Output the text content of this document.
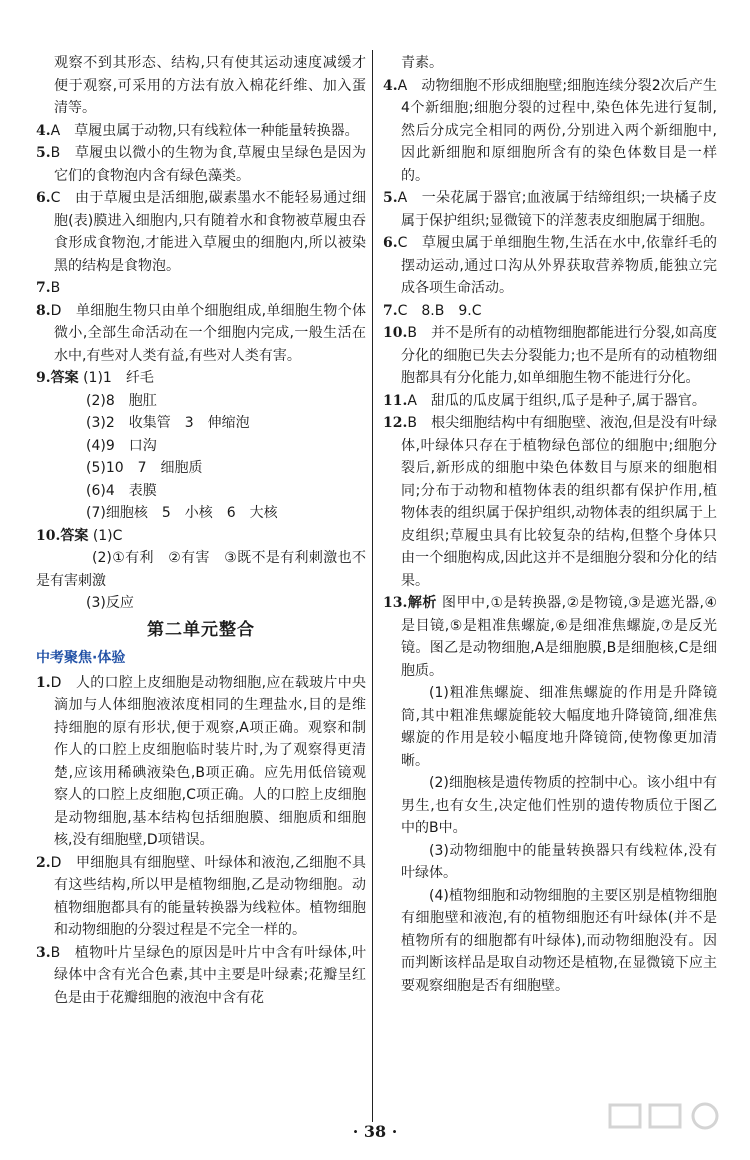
观察不到其形态、结构,只有使其运动速度减缓才便于观察,可采用的方法有放入棉花纤维、加入蛋清等。

4.A　草履虫属于动物,只有线粒体一种能量转换器。

5.B　草履虫以微小的生物为食,草履虫呈绿色是因为它们的食物泡内含有绿色藻类。

6.C　由于草履虫是活细胞,碳素墨水不能轻易通过细胞(表)膜进入细胞内,只有随着水和食物被草履虫吞食形成食物泡,才能进入草履虫的细胞内,所以被染黑的结构是食物泡。

7.B

8.D　单细胞生物只由单个细胞组成,单细胞生物个体微小,全部生命活动在一个细胞内完成,一般生活在水中,有些对人类有益,有些对人类有害。

9.答案 (1)1　纤毛

(2)8　胞肛

(3)2　收集管　3　伸缩泡

(4)9　口沟

(5)10　7　细胞质

(6)4　表膜

(7)细胞核　5　小核　6　大核

10.答案 (1)C

(2)①有利　②有害　③既不是有利刺激也不是有害刺激

(3)反应

第二单元整合
中考聚焦·体验

1.D　人的口腔上皮细胞是动物细胞,应在载玻片中央滴加与人体细胞液浓度相同的生理盐水,目的是维持细胞的原有形状,便于观察,A项正确。观察和制作人的口腔上皮细胞临时装片时,为了观察得更清楚,应该用稀碘液染色,B项正确。应先用低倍镜观察人的口腔上皮细胞,C项正确。人的口腔上皮细胞是动物细胞,基本结构包括细胞膜、细胞质和细胞核,没有细胞壁,D项错误。

2.D　甲细胞具有细胞壁、叶绿体和液泡,乙细胞不具有这些结构,所以甲是植物细胞,乙是动物细胞。动植物细胞都具有的能量转换器为线粒体。植物细胞和动物细胞的分裂过程是不完全一样的。

3.B　植物叶片呈绿色的原因是叶片中含有叶绿体,叶绿体中含有光合色素,其中主要是叶绿素;花瓣呈红色是由于花瓣细胞的液泡中含有花

青素。

4.A　动物细胞不形成细胞壁;细胞连续分裂2次后产生4个新细胞;细胞分裂的过程中,染色体先进行复制,然后分成完全相同的两份,分别进入两个新细胞中,因此新细胞和原细胞所含有的染色体数目是一样的。

5.A　一朵花属于器官;血液属于结缔组织;一块橘子皮属于保护组织;显微镜下的洋葱表皮细胞属于细胞。

6.C　草履虫属于单细胞生物,生活在水中,依靠纤毛的摆动运动,通过口沟从外界获取营养物质,能独立完成各项生命活动。

7.C　8.B　9.C

10.B　并不是所有的动植物细胞都能进行分裂,如高度分化的细胞已失去分裂能力;也不是所有的动植物细胞都具有分化能力,如单细胞生物不能进行分化。

11.A　甜瓜的瓜皮属于组织,瓜子是种子,属于器官。

12.B　根尖细胞结构中有细胞壁、液泡,但是没有叶绿体,叶绿体只存在于植物绿色部位的细胞中;细胞分裂后,新形成的细胞中染色体数目与原来的细胞相同;分布于动物和植物体表的组织都有保护作用,植物体表的组织属于保护组织,动物体表的组织属于上皮组织;草履虫具有比较复杂的结构,但整个身体只由一个细胞构成,因此这并不是细胞分裂和分化的结果。

13.解析 图甲中,①是转换器,②是物镜,③是遮光器,④是目镜,⑤是粗准焦螺旋,⑥是细准焦螺旋,⑦是反光镜。图乙是动物细胞,A是细胞膜,B是细胞核,C是细胞质。

(1)粗准焦螺旋、细准焦螺旋的作用是升降镜筒,其中粗准焦螺旋能较大幅度地升降镜筒,细准焦螺旋的作用是较小幅度地升降镜筒,使物像更加清晰。

(2)细胞核是遗传物质的控制中心。该小组中有男生,也有女生,决定他们性别的遗传物质位于图乙中的B中。

(3)动物细胞中的能量转换器只有线粒体,没有叶绿体。

(4)植物细胞和动物细胞的主要区别是植物细胞有细胞壁和液泡,有的植物细胞还有叶绿体(并不是植物所有的细胞都有叶绿体),而动物细胞没有。因而判断该样品是取自动物还是植物,在显微镜下应主要观察细胞是否有细胞壁。

· 38 ·
